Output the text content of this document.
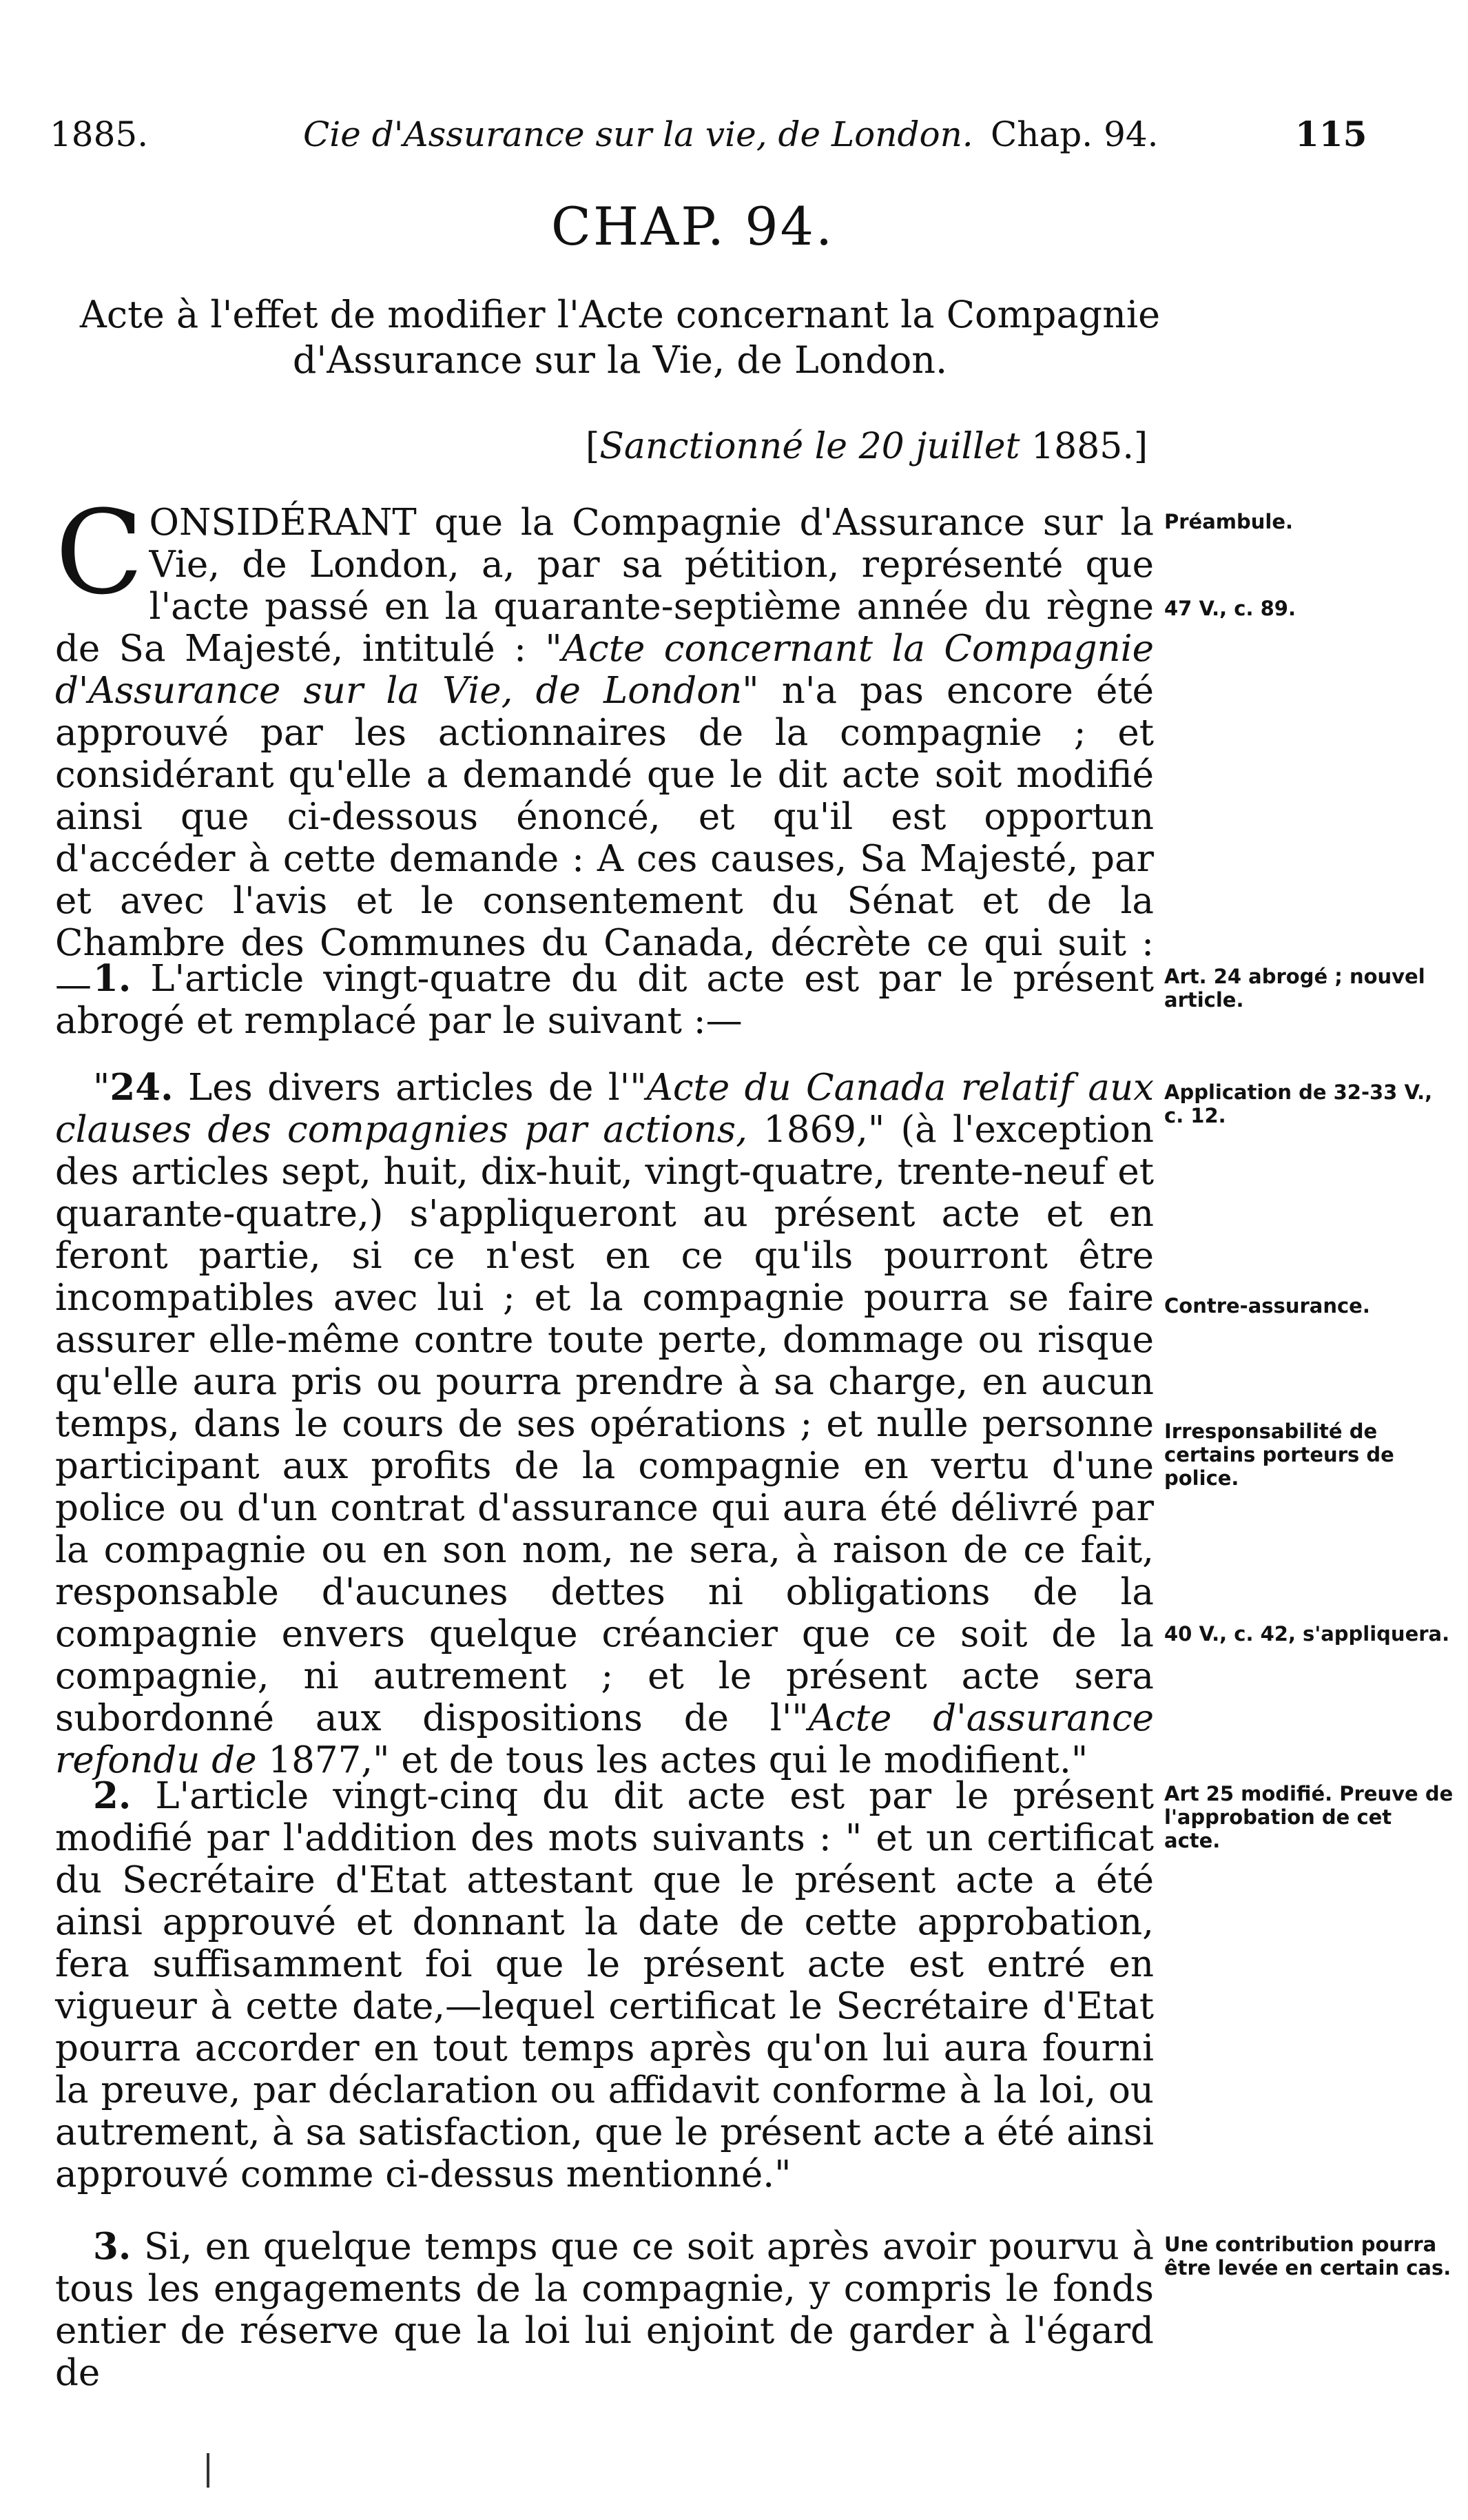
1885.	Cie d'Assurance sur la vie, de London. Chap. 94.	115
CHAP. 94.
Acte à l'effet de modifier l'Acte concernant la Compagnie d'Assurance sur la Vie, de London.
[Sanctionné le 20 juillet 1885.]

CONSIDÉRANT que la Compagnie d'Assurance sur la Vie, de London, a, par sa pétition, représenté que l'acte passé en la quarante-septième année du règne de Sa Majesté, intitulé : "Acte concernant la Compagnie d'Assurance sur la Vie, de London" n'a pas encore été approuvé par les actionnaires de la compagnie ; et considérant qu'elle a demandé que le dit acte soit modifié ainsi que ci-dessous énoncé, et qu'il est opportun d'accéder à cette demande : A ces causes, Sa Majesté, par et avec l'avis et le consentement du Sénat et de la Chambre des Communes du Canada, décrète ce qui suit :— 1. L'article vingt-quatre du dit acte est par le présent abrogé et remplacé par le suivant :—

"24. Les divers articles de l'"Acte du Canada relatif aux clauses des compagnies par actions, 1869," (à l'exception des articles sept, huit, dix-huit, vingt-quatre, trente-neuf et quarante-quatre,) s'appliqueront au présent acte et en feront partie, si ce n'est en ce qu'ils pourront être incompatibles avec lui ; et la compagnie pourra se faire assurer elle-même contre toute perte, dommage ou risque qu'elle aura pris ou pourra prendre à sa charge, en aucun temps, dans le cours de ses opérations ; et nulle personne participant aux profits de la compagnie en vertu d'une police ou d'un contrat d'assurance qui aura été délivré par la compagnie ou en son nom, ne sera, à raison de ce fait, responsable d'aucunes dettes ni obligations de la compagnie envers quelque créancier que ce soit de la compagnie, ni autrement ; et le présent acte sera subordonné aux dispositions de l'"Acte d'assurance refondu de 1877," et de tous les actes qui le modifient."

2. L'article vingt-cinq du dit acte est par le présent modifié par l'addition des mots suivants : " et un certificat du Secrétaire d'Etat attestant que le présent acte a été ainsi approuvé et donnant la date de cette approbation, fera suffisamment foi que le présent acte est entré en vigueur à cette date,—lequel certificat le Secrétaire d'Etat pourra accorder en tout temps après qu'on lui aura fourni la preuve, par déclaration ou affidavit conforme à la loi, ou autrement, à sa satisfaction, que le présent acte a été ainsi approuvé comme ci-dessus mentionné."

3. Si, en quelque temps que ce soit après avoir pourvu à tous les engagements de la compagnie, y compris le fonds entier de réserve que la loi lui enjoint de garder à l'égard de

Préambule.
47 V., c. 89.
Art. 24 abrogé ; nouvel article.
Application de 32-33 V., c. 12.
Contre-assurance.
Irresponsabilité de certains porteurs de police.
40 V., c. 42, s'appliquera.
Art 25 modifié. Preuve de l'approbation de cet acte.
Une contribution pourra être levée en certain cas.
